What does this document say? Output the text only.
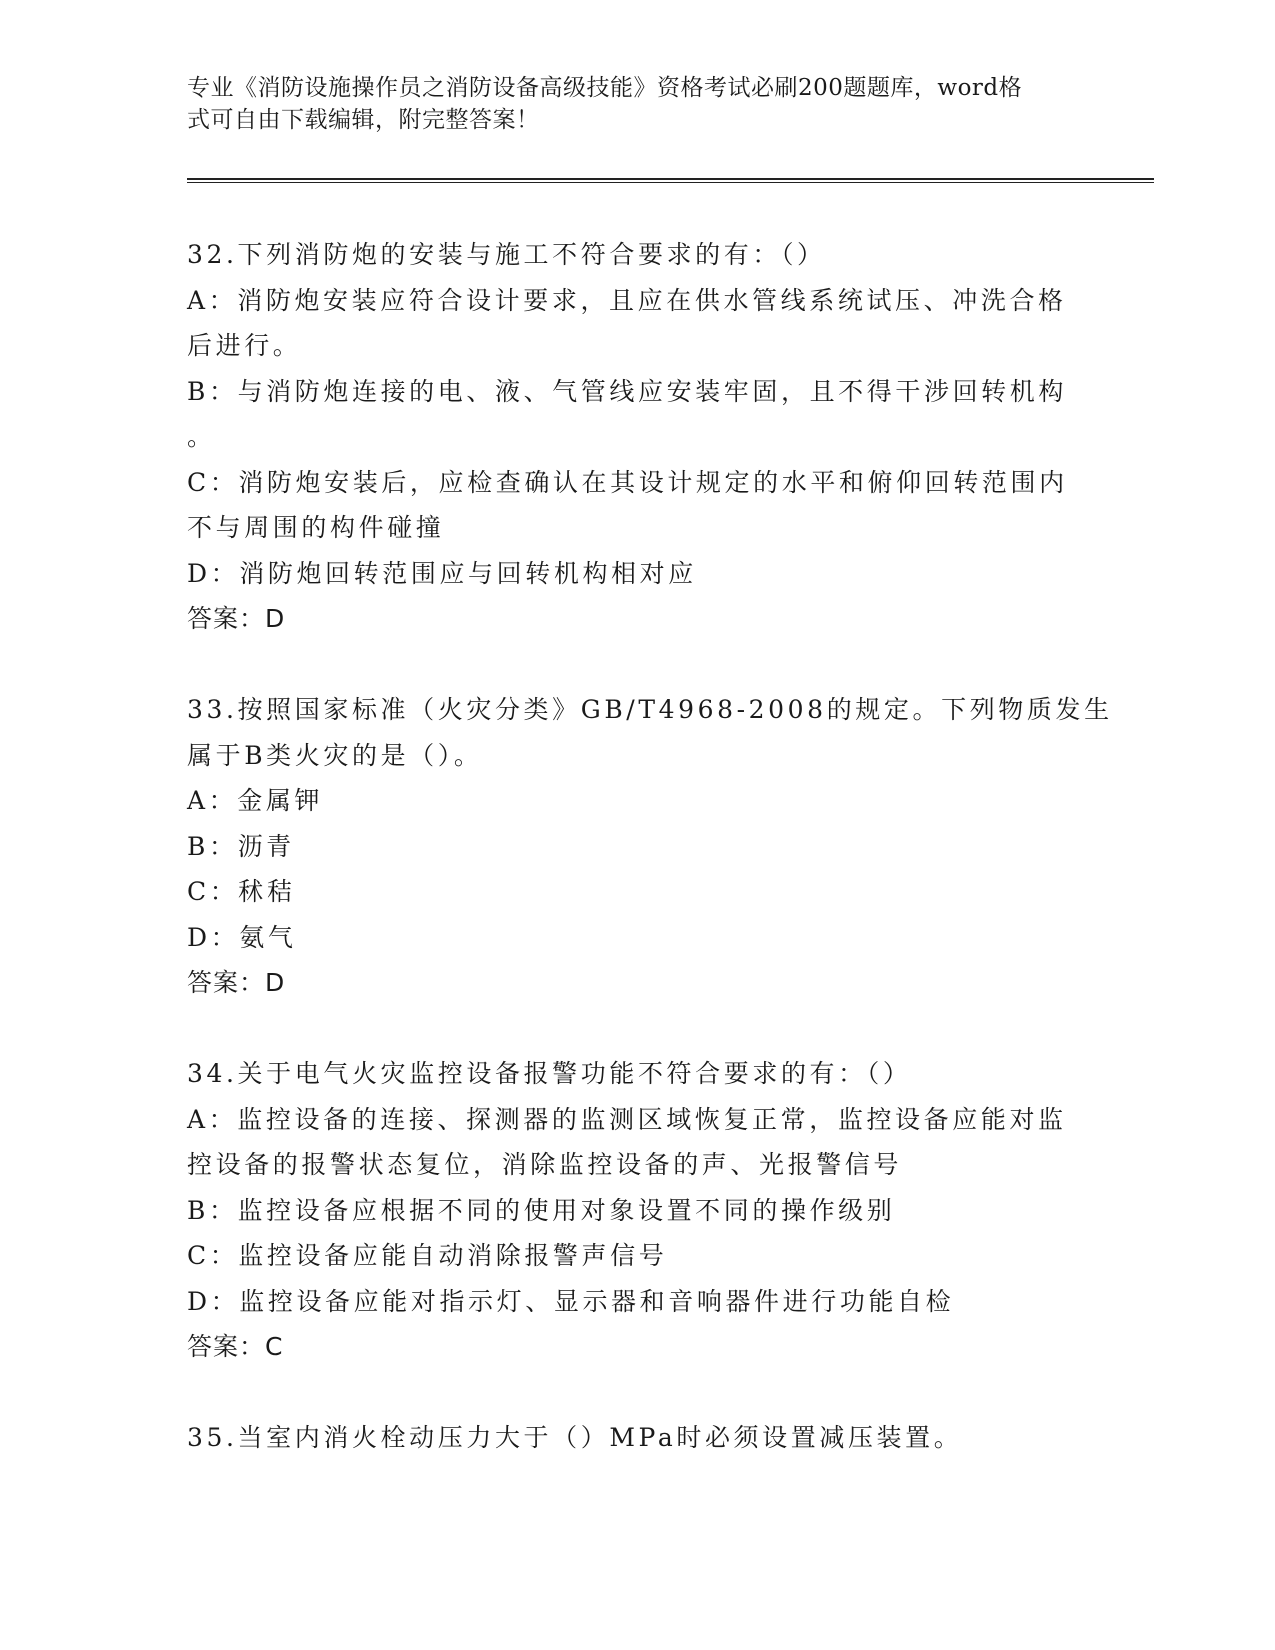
专业《消防设施操作员之消防设备高级技能》资格考试必刷200题题库，word格
式可自由下载编辑，附完整答案！
32.下列消防炮的安装与施工不符合要求的有：（）
A：消防炮安装应符合设计要求，且应在供水管线系统试压、冲洗合格
后进行。
B：与消防炮连接的电、液、气管线应安装牢固，且不得干涉回转机构
。
C：消防炮安装后，应检查确认在其设计规定的水平和俯仰回转范围内
不与周围的构件碰撞
D：消防炮回转范围应与回转机构相对应
答案：D
33.按照国家标准（火灾分类》GB/T4968-2008的规定。下列物质发生
属于B类火灾的是（）。
A：金属钾
B：沥青
C：秫秸
D：氨气
答案：D
34.关于电气火灾监控设备报警功能不符合要求的有：（）
A：监控设备的连接、探测器的监测区域恢复正常，监控设备应能对监
控设备的报警状态复位，消除监控设备的声、光报警信号
B：监控设备应根据不同的使用对象设置不同的操作级别
C：监控设备应能自动消除报警声信号
D：监控设备应能对指示灯、显示器和音响器件进行功能自检
答案：C
35.当室内消火栓动压力大于（）MPa时必须设置减压装置。
